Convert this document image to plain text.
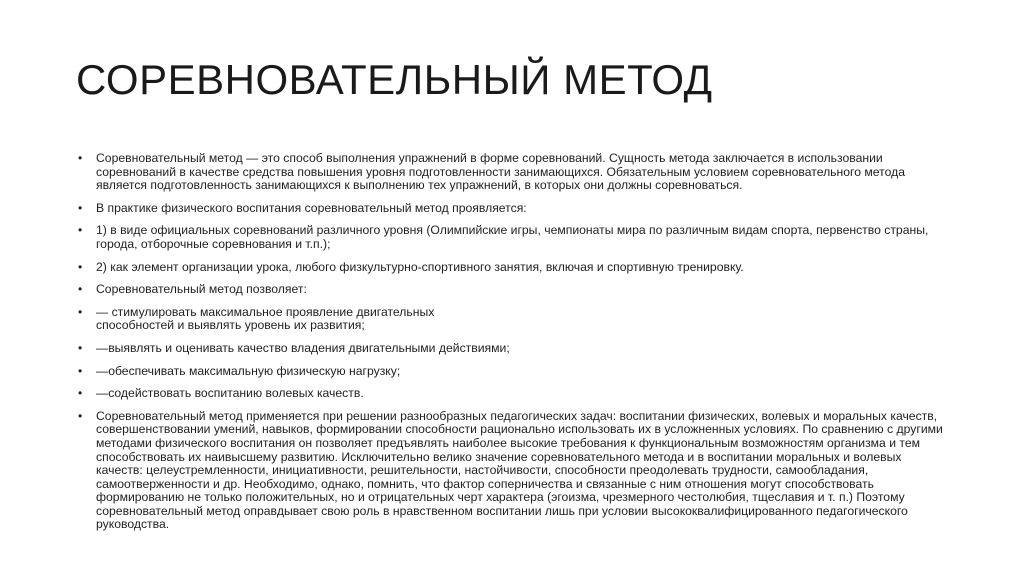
СОРЕВНОВАТЕЛЬНЫЙ МЕТОД
• Соревновательный метод — это способ выполнения упражнений в форме соревнований. Сущность метода заключается в использовании соревнований в качестве средства повышения уровня подготовленности занимающихся. Обязательным условием соревновательного метода является подготовленность занимающихся к выполнению тех упражнений, в которых они должны соревноваться.
• В практике физического воспитания соревновательный метод проявляется:
• 1) в виде официальных соревнований различного уровня (Олимпийские игры, чемпионаты мира по различным видам спорта, первенство страны, города, отборочные соревнования и т.п.);
• 2) как элемент организации урока, любого физкультурно-спортивного занятия, включая и спортивную тренировку.
• Соревновательный метод позволяет:
• — стимулировать максимальное проявление двигательных
способностей и выявлять уровень их развития;
• —выявлять и оценивать качество владения двигательными действиями;
• —обеспечивать максимальную физическую нагрузку;
• —содействовать воспитанию волевых качеств.
• Соревновательный метод применяется при решении разнообразных педагогических задач: воспитании физических, волевых и моральных качеств, совершенствовании умений, навыков, формировании способности рационально использовать их в усложненных условиях. По сравнению с другими методами физического воспитания он позволяет предъявлять наиболее высокие требования к функциональным возможностям организма и тем способствовать их наивысшему развитию. Исключительно велико значение соревновательного метода и в воспитании моральных и волевых качеств: целеустремленности, инициативности, решительности, настойчивости, способности преодолевать трудности, самообладания, самоотверженности и др. Необходимо, однако, помнить, что фактор соперничества и связанные с ним отношения могут способствовать формированию не только положительных, но и отрицательных черт характера (эгоизма, чрезмерного честолюбия, тщеславия и т. п.) Поэтому соревновательный метод оправдывает свою роль в нравственном воспитании лишь при условии высококвалифицированного педагогического руководства.
